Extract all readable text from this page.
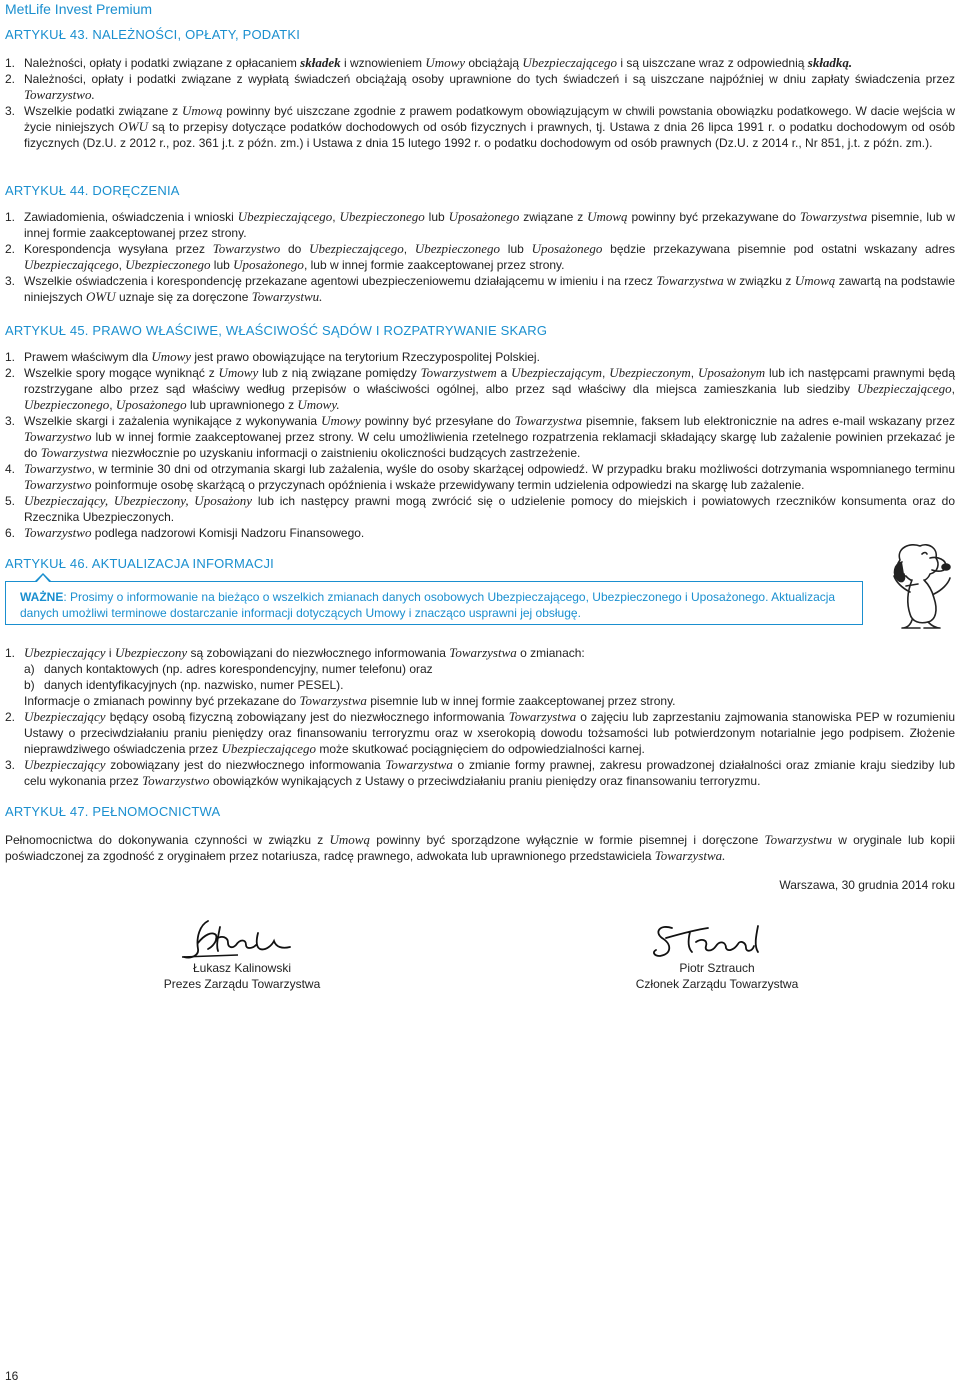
MetLife Invest Premium
ARTYKUŁ 43. NALEŻNOŚCI, OPŁATY, PODATKI
1. Należności, opłaty i podatki związane z opłacaniem składek i wznowieniem Umowy obciążają Ubezpieczającego i są uiszczane wraz z odpowiednią składką.
2. Należności, opłaty i podatki związane z wypłatą świadczeń obciążają osoby uprawnione do tych świadczeń i są uiszczane najpóźniej w dniu zapłaty świadczenia przez Towarzystwo.
3. Wszelkie podatki związane z Umową powinny być uiszczane zgodnie z prawem podatkowym obowiązującym w chwili powstania obowiązku podatkowego. W dacie wejścia w życie niniejszych OWU są to przepisy dotyczące podatków dochodowych od osób fizycznych i prawnych, tj. Ustawa z dnia 26 lipca 1991 r. o podatku dochodowym od osób fizycznych (Dz.U. z 2012 r., poz. 361 j.t. z późn. zm.) i Ustawa z dnia 15 lutego 1992 r. o podatku dochodowym od osób prawnych (Dz.U. z 2014 r., Nr 851, j.t. z późn. zm.).
ARTYKUŁ 44. DORĘCZENIA
1. Zawiadomienia, oświadczenia i wnioski Ubezpieczającego, Ubezpieczonego lub Uposażonego związane z Umową powinny być przekazywane do Towarzystwa pisemnie, lub w innej formie zaakceptowanej przez strony.
2. Korespondencja wysyłana przez Towarzystwo do Ubezpieczającego, Ubezpieczonego lub Uposażonego będzie przekazywana pisemnie pod ostatni wskazany adres Ubezpieczającego, Ubezpieczonego lub Uposażonego, lub w innej formie zaakceptowanej przez strony.
3. Wszelkie oświadczenia i korespondencję przekazane agentowi ubezpieczeniowemu działającemu w imieniu i na rzecz Towarzystwa w związku z Umową zawartą na podstawie niniejszych OWU uznaje się za doręczone Towarzystwu.
ARTYKUŁ 45. PRAWO WŁAŚCIWE, WŁAŚCIWOŚĆ SĄDÓW I ROZPATRYWANIE SKARG
1. Prawem właściwym dla Umowy jest prawo obowiązujące na terytorium Rzeczypospolitej Polskiej.
2. Wszelkie spory mogące wyniknąć z Umowy lub z nią związane pomiędzy Towarzystwem a Ubezpieczającym, Ubezpieczonym, Uposażonym lub ich następcami prawnymi będą rozstrzygane albo przez sąd właściwy według przepisów o właściwości ogólnej, albo przez sąd właściwy dla miejsca zamieszkania lub siedziby Ubezpieczającego, Ubezpieczonego, Uposażonego lub uprawnionego z Umowy.
3. Wszelkie skargi i zażalenia wynikające z wykonywania Umowy powinny być przesyłane do Towarzystwa pisemnie, faksem lub elektronicznie na adres e-mail wskazany przez Towarzystwo lub w innej formie zaakceptowanej przez strony. W celu umożliwienia rzetelnego rozpatrzenia reklamacji składający skargę lub zażalenie powinien przekazać je do Towarzystwa niezwłocznie po uzyskaniu informacji o zaistnieniu okoliczności budzących zastrzeżenie.
4. Towarzystwo, w terminie 30 dni od otrzymania skargi lub zażalenia, wyśle do osoby skarżącej odpowiedź. W przypadku braku możliwości dotrzymania wspomnianego terminu Towarzystwo poinformuje osobę skarżącą o przyczynach opóźnienia i wskaże przewidywany termin udzielenia odpowiedzi na skargę lub zażalenie.
5. Ubezpieczający, Ubezpieczony, Uposażony lub ich następcy prawni mogą zwrócić się o udzielenie pomocy do miejskich i powiatowych rzeczników konsumenta oraz do Rzecznika Ubezpieczonych.
6. Towarzystwo podlega nadzorowi Komisji Nadzoru Finansowego.
ARTYKUŁ 46. AKTUALIZACJA INFORMACJI
WAŻNE: Prosimy o informowanie na bieżąco o wszelkich zmianach danych osobowych Ubezpieczającego, Ubezpieczonego i Uposażonego. Aktualizacja danych umożliwi terminowe dostarczanie informacji dotyczących Umowy i znacząco usprawni jej obsługę.
1. Ubezpieczający i Ubezpieczony są zobowiązani do niezwłocznego informowania Towarzystwa o zmianach:
a) danych kontaktowych (np. adres korespondencyjny, numer telefonu) oraz
b) danych identyfikacyjnych (np. nazwisko, numer PESEL).
Informacje o zmianach powinny być przekazane do Towarzystwa pisemnie lub w innej formie zaakceptowanej przez strony.
2. Ubezpieczający będący osobą fizyczną zobowiązany jest do niezwłocznego informowania Towarzystwa o zajęciu lub zaprzestaniu zajmowania stanowiska PEP w rozumieniu Ustawy o przeciwdziałaniu praniu pieniędzy oraz finansowaniu terroryzmu oraz w xserokopią dowodu tożsamości lub potwierdzonym notarialnie jego podpisem. Złożenie nieprawdziwego oświadczenia przez Ubezpieczającego może skutkować pociągnięciem do odpowiedzialności karnej.
3. Ubezpieczający zobowiązany jest do niezwłocznego informowania Towarzystwa o zmianie formy prawnej, zakresu prowadzonej działalności oraz zmianie kraju siedziby lub celu wykonania przez Towarzystwo obowiązków wynikających z Ustawy o przeciwdziałaniu praniu pieniędzy oraz finansowaniu terroryzmu.
ARTYKUŁ 47. PEŁNOMOCNICTWA
Pełnomocnictwa do dokonywania czynności w związku z Umową powinny być sporządzone wyłącznie w formie pisemnej i doręczone Towarzystwu w oryginale lub kopii poświadczonej za zgodność z oryginałem przez notariusza, radcę prawnego, adwokata lub uprawnionego przedstawiciela Towarzystwa.
Warszawa, 30 grudnia 2014 roku
Łukasz Kalinowski
Prezes Zarządu Towarzystwa
Piotr Sztrauch
Członek Zarządu Towarzystwa
16
